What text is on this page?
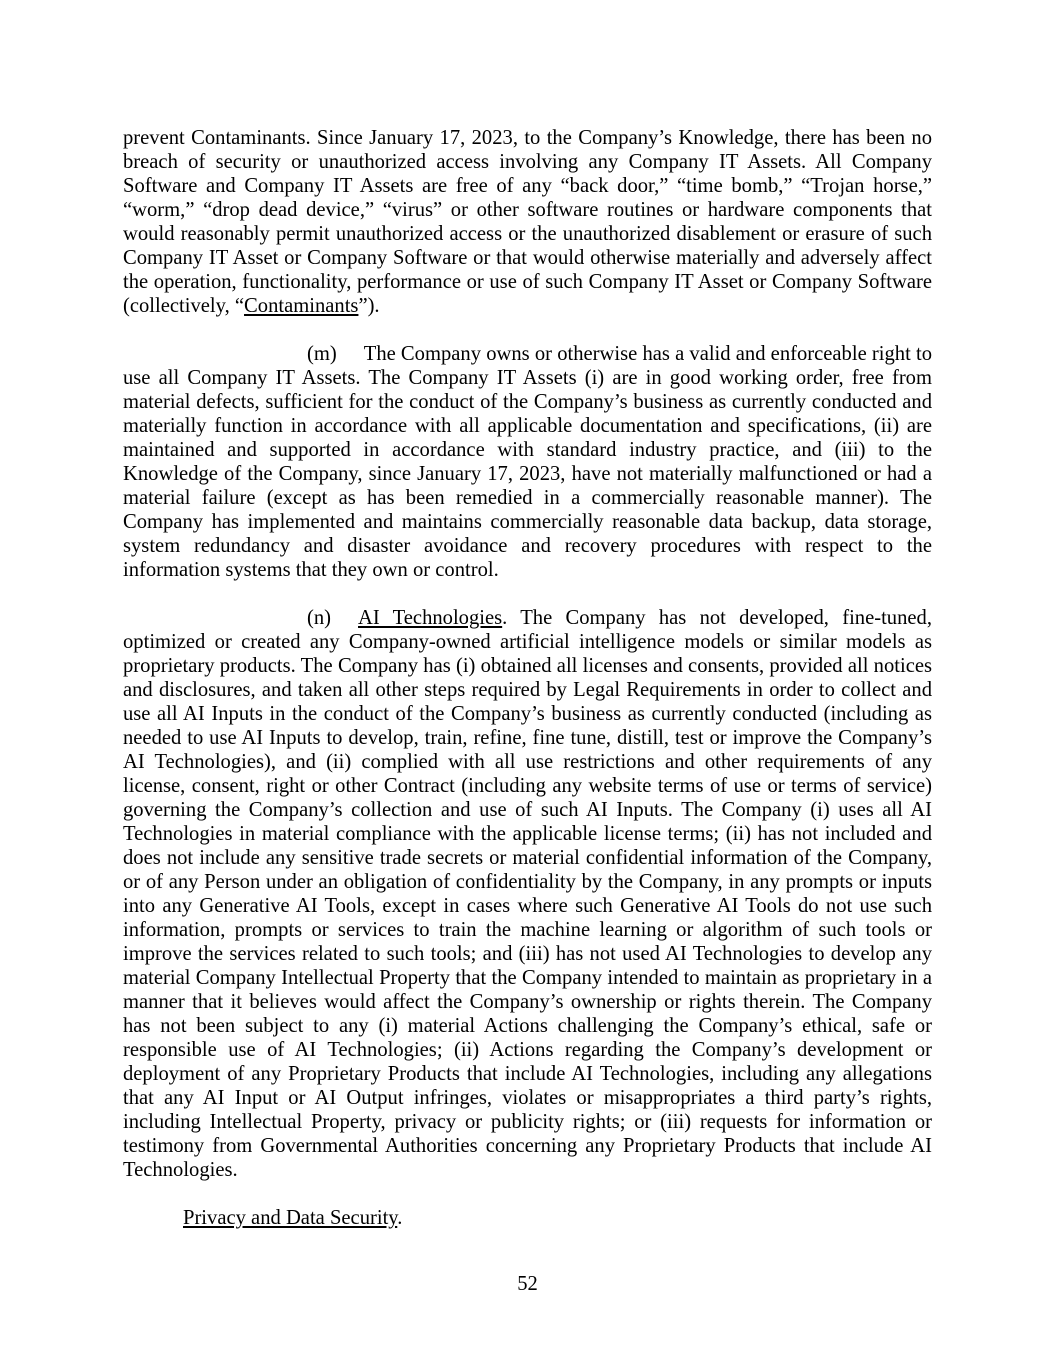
prevent Contaminants. Since January 17, 2023, to the Company’s Knowledge, there has been no breach of security or unauthorized access involving any Company IT Assets. All Company Software and Company IT Assets are free of any “back door,” “time bomb,” “Trojan horse,” “worm,” “drop dead device,” “virus” or other software routines or hardware components that would reasonably permit unauthorized access or the unauthorized disablement or erasure of such Company IT Asset or Company Software or that would otherwise materially and adversely affect the operation, functionality, performance or use of such Company IT Asset or Company Software (collectively, “Contaminants”).

(m) The Company owns or otherwise has a valid and enforceable right to use all Company IT Assets. The Company IT Assets (i) are in good working order, free from material defects, sufficient for the conduct of the Company’s business as currently conducted and materially function in accordance with all applicable documentation and specifications, (ii) are maintained and supported in accordance with standard industry practice, and (iii) to the Knowledge of the Company, since January 17, 2023, have not materially malfunctioned or had a material failure (except as has been remedied in a commercially reasonable manner). The Company has implemented and maintains commercially reasonable data backup, data storage, system redundancy and disaster avoidance and recovery procedures with respect to the information systems that they own or control.

(n) AI Technologies. The Company has not developed, fine-tuned, optimized or created any Company-owned artificial intelligence models or similar models as proprietary products. The Company has (i) obtained all licenses and consents, provided all notices and disclosures, and taken all other steps required by Legal Requirements in order to collect and use all AI Inputs in the conduct of the Company’s business as currently conducted (including as needed to use AI Inputs to develop, train, refine, fine tune, distill, test or improve the Company’s AI Technologies), and (ii) complied with all use restrictions and other requirements of any license, consent, right or other Contract (including any website terms of use or terms of service) governing the Company’s collection and use of such AI Inputs. The Company (i) uses all AI Technologies in material compliance with the applicable license terms; (ii) has not included and does not include any sensitive trade secrets or material confidential information of the Company, or of any Person under an obligation of confidentiality by the Company, in any prompts or inputs into any Generative AI Tools, except in cases where such Generative AI Tools do not use such information, prompts or services to train the machine learning or algorithm of such tools or improve the services related to such tools; and (iii) has not used AI Technologies to develop any material Company Intellectual Property that the Company intended to maintain as proprietary in a manner that it believes would affect the Company’s ownership or rights therein. The Company has not been subject to any (i) material Actions challenging the Company’s ethical, safe or responsible use of AI Technologies; (ii) Actions regarding the Company’s development or deployment of any Proprietary Products that include AI Technologies, including any allegations that any AI Input or AI Output infringes, violates or misappropriates a third party’s rights, including Intellectual Property, privacy or publicity rights; or (iii) requests for information or testimony from Governmental Authorities concerning any Proprietary Products that include AI Technologies.

Privacy and Data Security.

52
